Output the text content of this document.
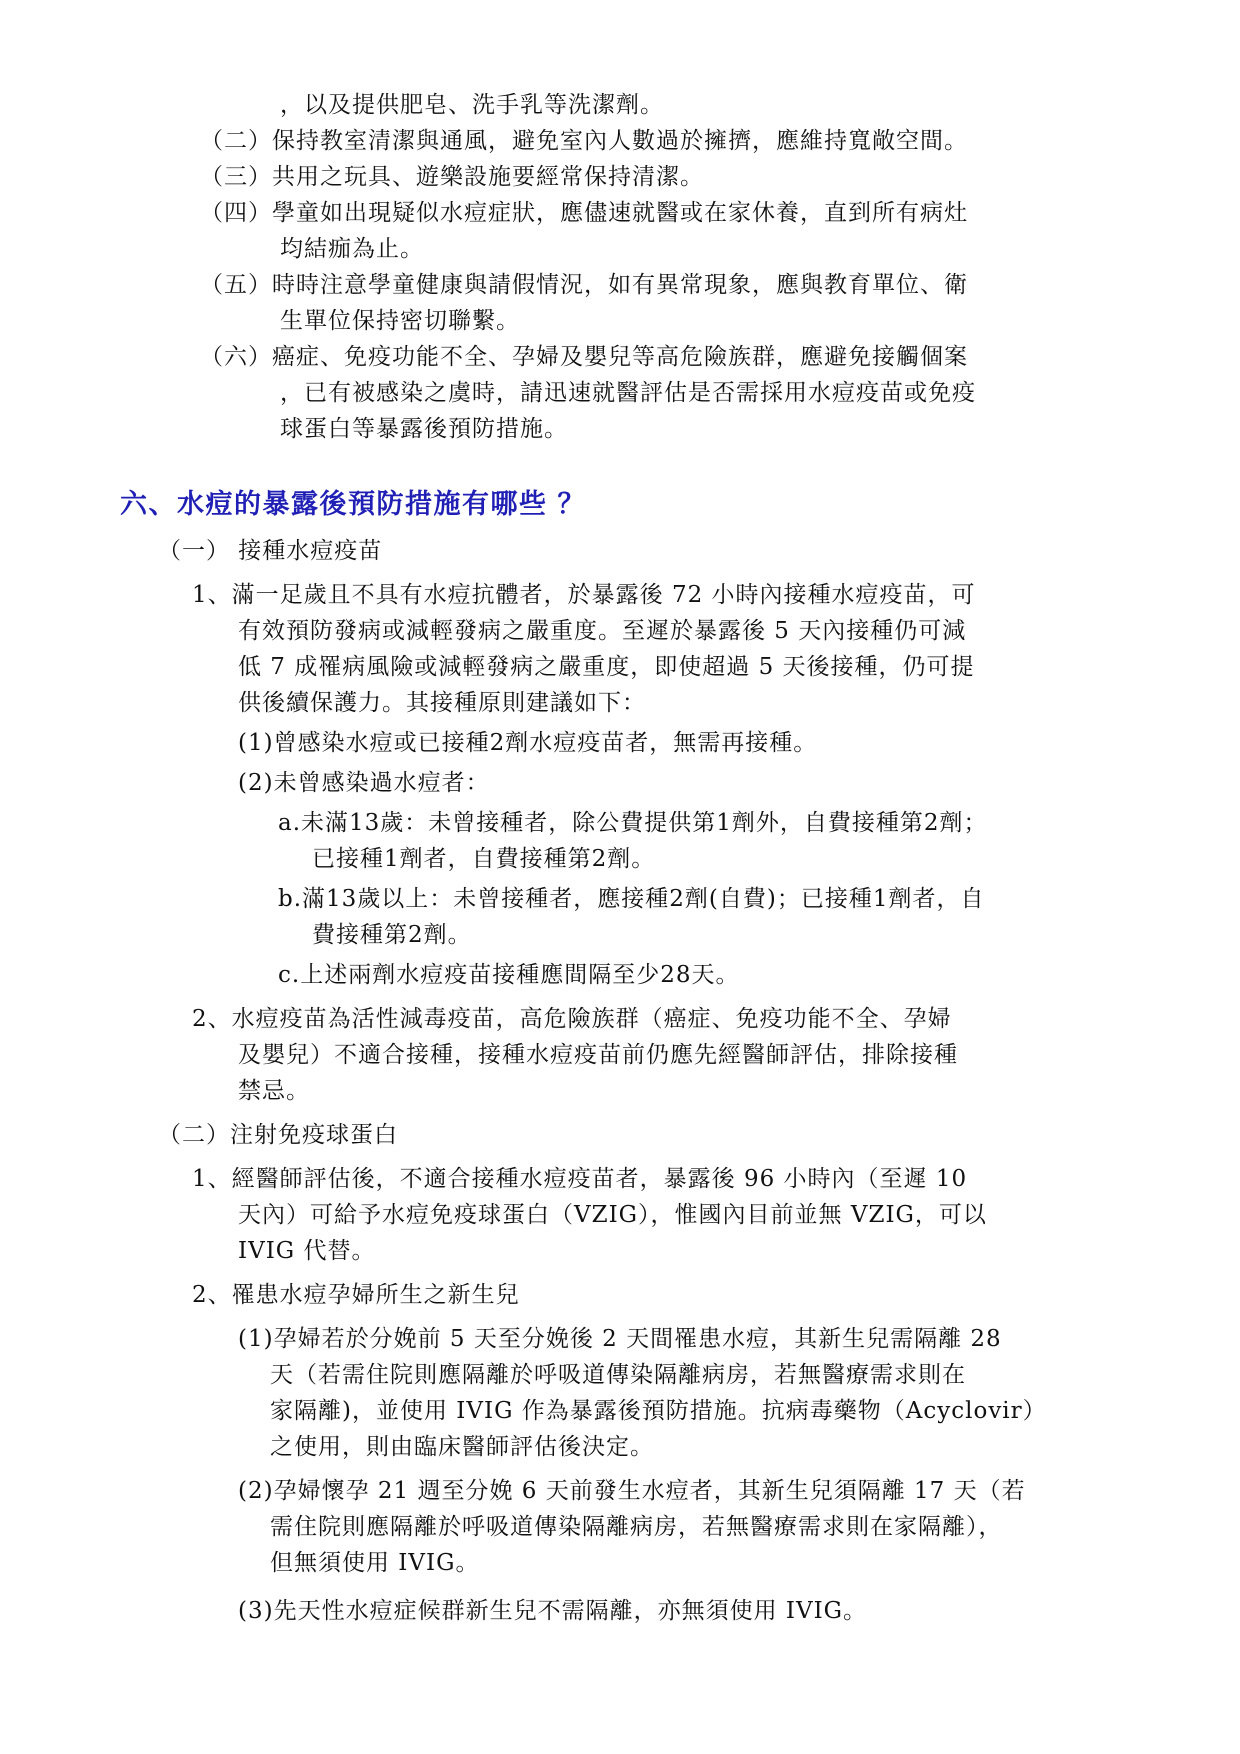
，以及提供肥皂、洗手乳等洗潔劑。
（二）保持教室清潔與通風，避免室內人數過於擁擠，應維持寬敞空間。
（三）共用之玩具、遊樂設施要經常保持清潔。
（四）學童如出現疑似水痘症狀，應儘速就醫或在家休養，直到所有病灶
均結痂為止。
（五）時時注意學童健康與請假情況，如有異常現象，應與教育單位、衛
生單位保持密切聯繫。
（六）癌症、免疫功能不全、孕婦及嬰兒等高危險族群，應避免接觸個案
，已有被感染之虞時，請迅速就醫評估是否需採用水痘疫苗或免疫
球蛋白等暴露後預防措施。
六、水痘的暴露後預防措施有哪些 ？
（一） 接種水痘疫苗
1、滿一足歲且不具有水痘抗體者，於暴露後 72 小時內接種水痘疫苗，可
有效預防發病或減輕發病之嚴重度。至遲於暴露後 5 天內接種仍可減
低 7 成罹病風險或減輕發病之嚴重度，即使超過 5 天後接種，仍可提
供後續保護力。其接種原則建議如下：
(1)曾感染水痘或已接種2劑水痘疫苗者，無需再接種。
(2)未曾感染過水痘者：
a.未滿13歲：未曾接種者，除公費提供第1劑外，自費接種第2劑；
已接種1劑者，自費接種第2劑。
b.滿13歲以上：未曾接種者，應接種2劑(自費)；已接種1劑者，自
費接種第2劑。
c.上述兩劑水痘疫苗接種應間隔至少28天。
2、水痘疫苗為活性減毒疫苗，高危險族群（癌症、免疫功能不全、孕婦
及嬰兒）不適合接種，接種水痘疫苗前仍應先經醫師評估，排除接種
禁忌。
（二）注射免疫球蛋白
1、經醫師評估後，不適合接種水痘疫苗者，暴露後 96 小時內（至遲 10
天內）可給予水痘免疫球蛋白（VZIG），惟國內目前並無 VZIG，可以
IVIG 代替。
2、罹患水痘孕婦所生之新生兒
(1)孕婦若於分娩前 5 天至分娩後 2 天間罹患水痘，其新生兒需隔離 28
天（若需住院則應隔離於呼吸道傳染隔離病房，若無醫療需求則在
家隔離)，並使用 IVIG 作為暴露後預防措施。抗病毒藥物（Acyclovir）
之使用，則由臨床醫師評估後決定。
(2)孕婦懷孕 21 週至分娩 6 天前發生水痘者，其新生兒須隔離 17 天（若
需住院則應隔離於呼吸道傳染隔離病房，若無醫療需求則在家隔離），
但無須使用 IVIG。
(3)先天性水痘症候群新生兒不需隔離，亦無須使用 IVIG。
